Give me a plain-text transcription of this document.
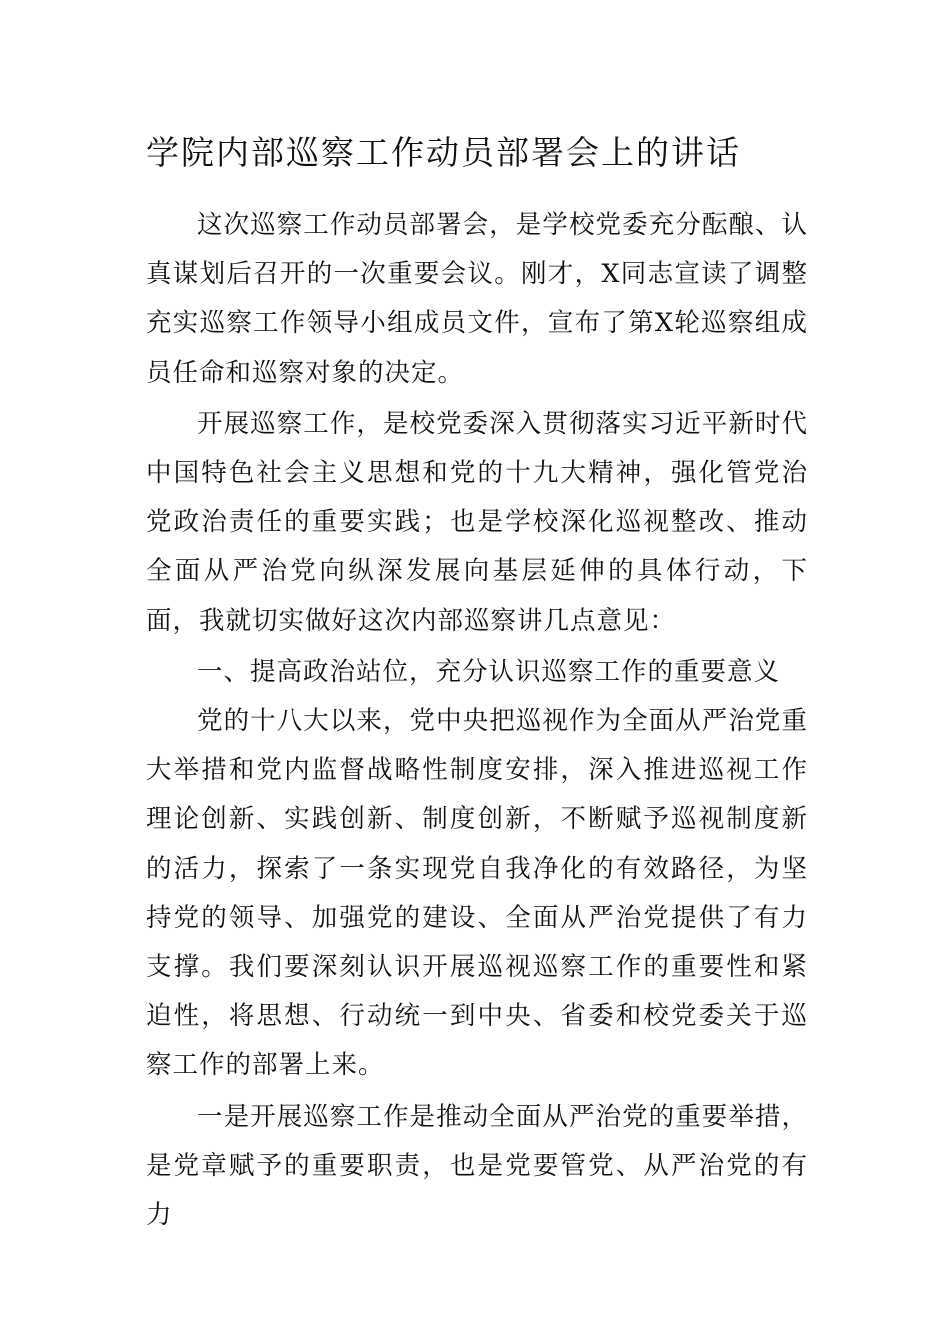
学院内部巡察工作动员部署会上的讲话

这次巡察工作动员部署会，是学校党委充分酝酿、认真谋划后召开的一次重要会议。刚才，X同志宣读了调整充实巡察工作领导小组成员文件，宣布了第X轮巡察组成员任命和巡察对象的决定。

开展巡察工作，是校党委深入贯彻落实习近平新时代中国特色社会主义思想和党的十九大精神，强化管党治党政治责任的重要实践；也是学校深化巡视整改、推动全面从严治党向纵深发展向基层延伸的具体行动，下面，我就切实做好这次内部巡察讲几点意见：

一、提高政治站位，充分认识巡察工作的重要意义

党的十八大以来，党中央把巡视作为全面从严治党重大举措和党内监督战略性制度安排，深入推进巡视工作理论创新、实践创新、制度创新，不断赋予巡视制度新的活力，探索了一条实现党自我净化的有效路径，为坚持党的领导、加强党的建设、全面从严治党提供了有力支撑。我们要深刻认识开展巡视巡察工作的重要性和紧迫性，将思想、行动统一到中央、省委和校党委关于巡察工作的部署上来。

一是开展巡察工作是推动全面从严治党的重要举措，是党章赋予的重要职责，也是党要管党、从严治党的有力
